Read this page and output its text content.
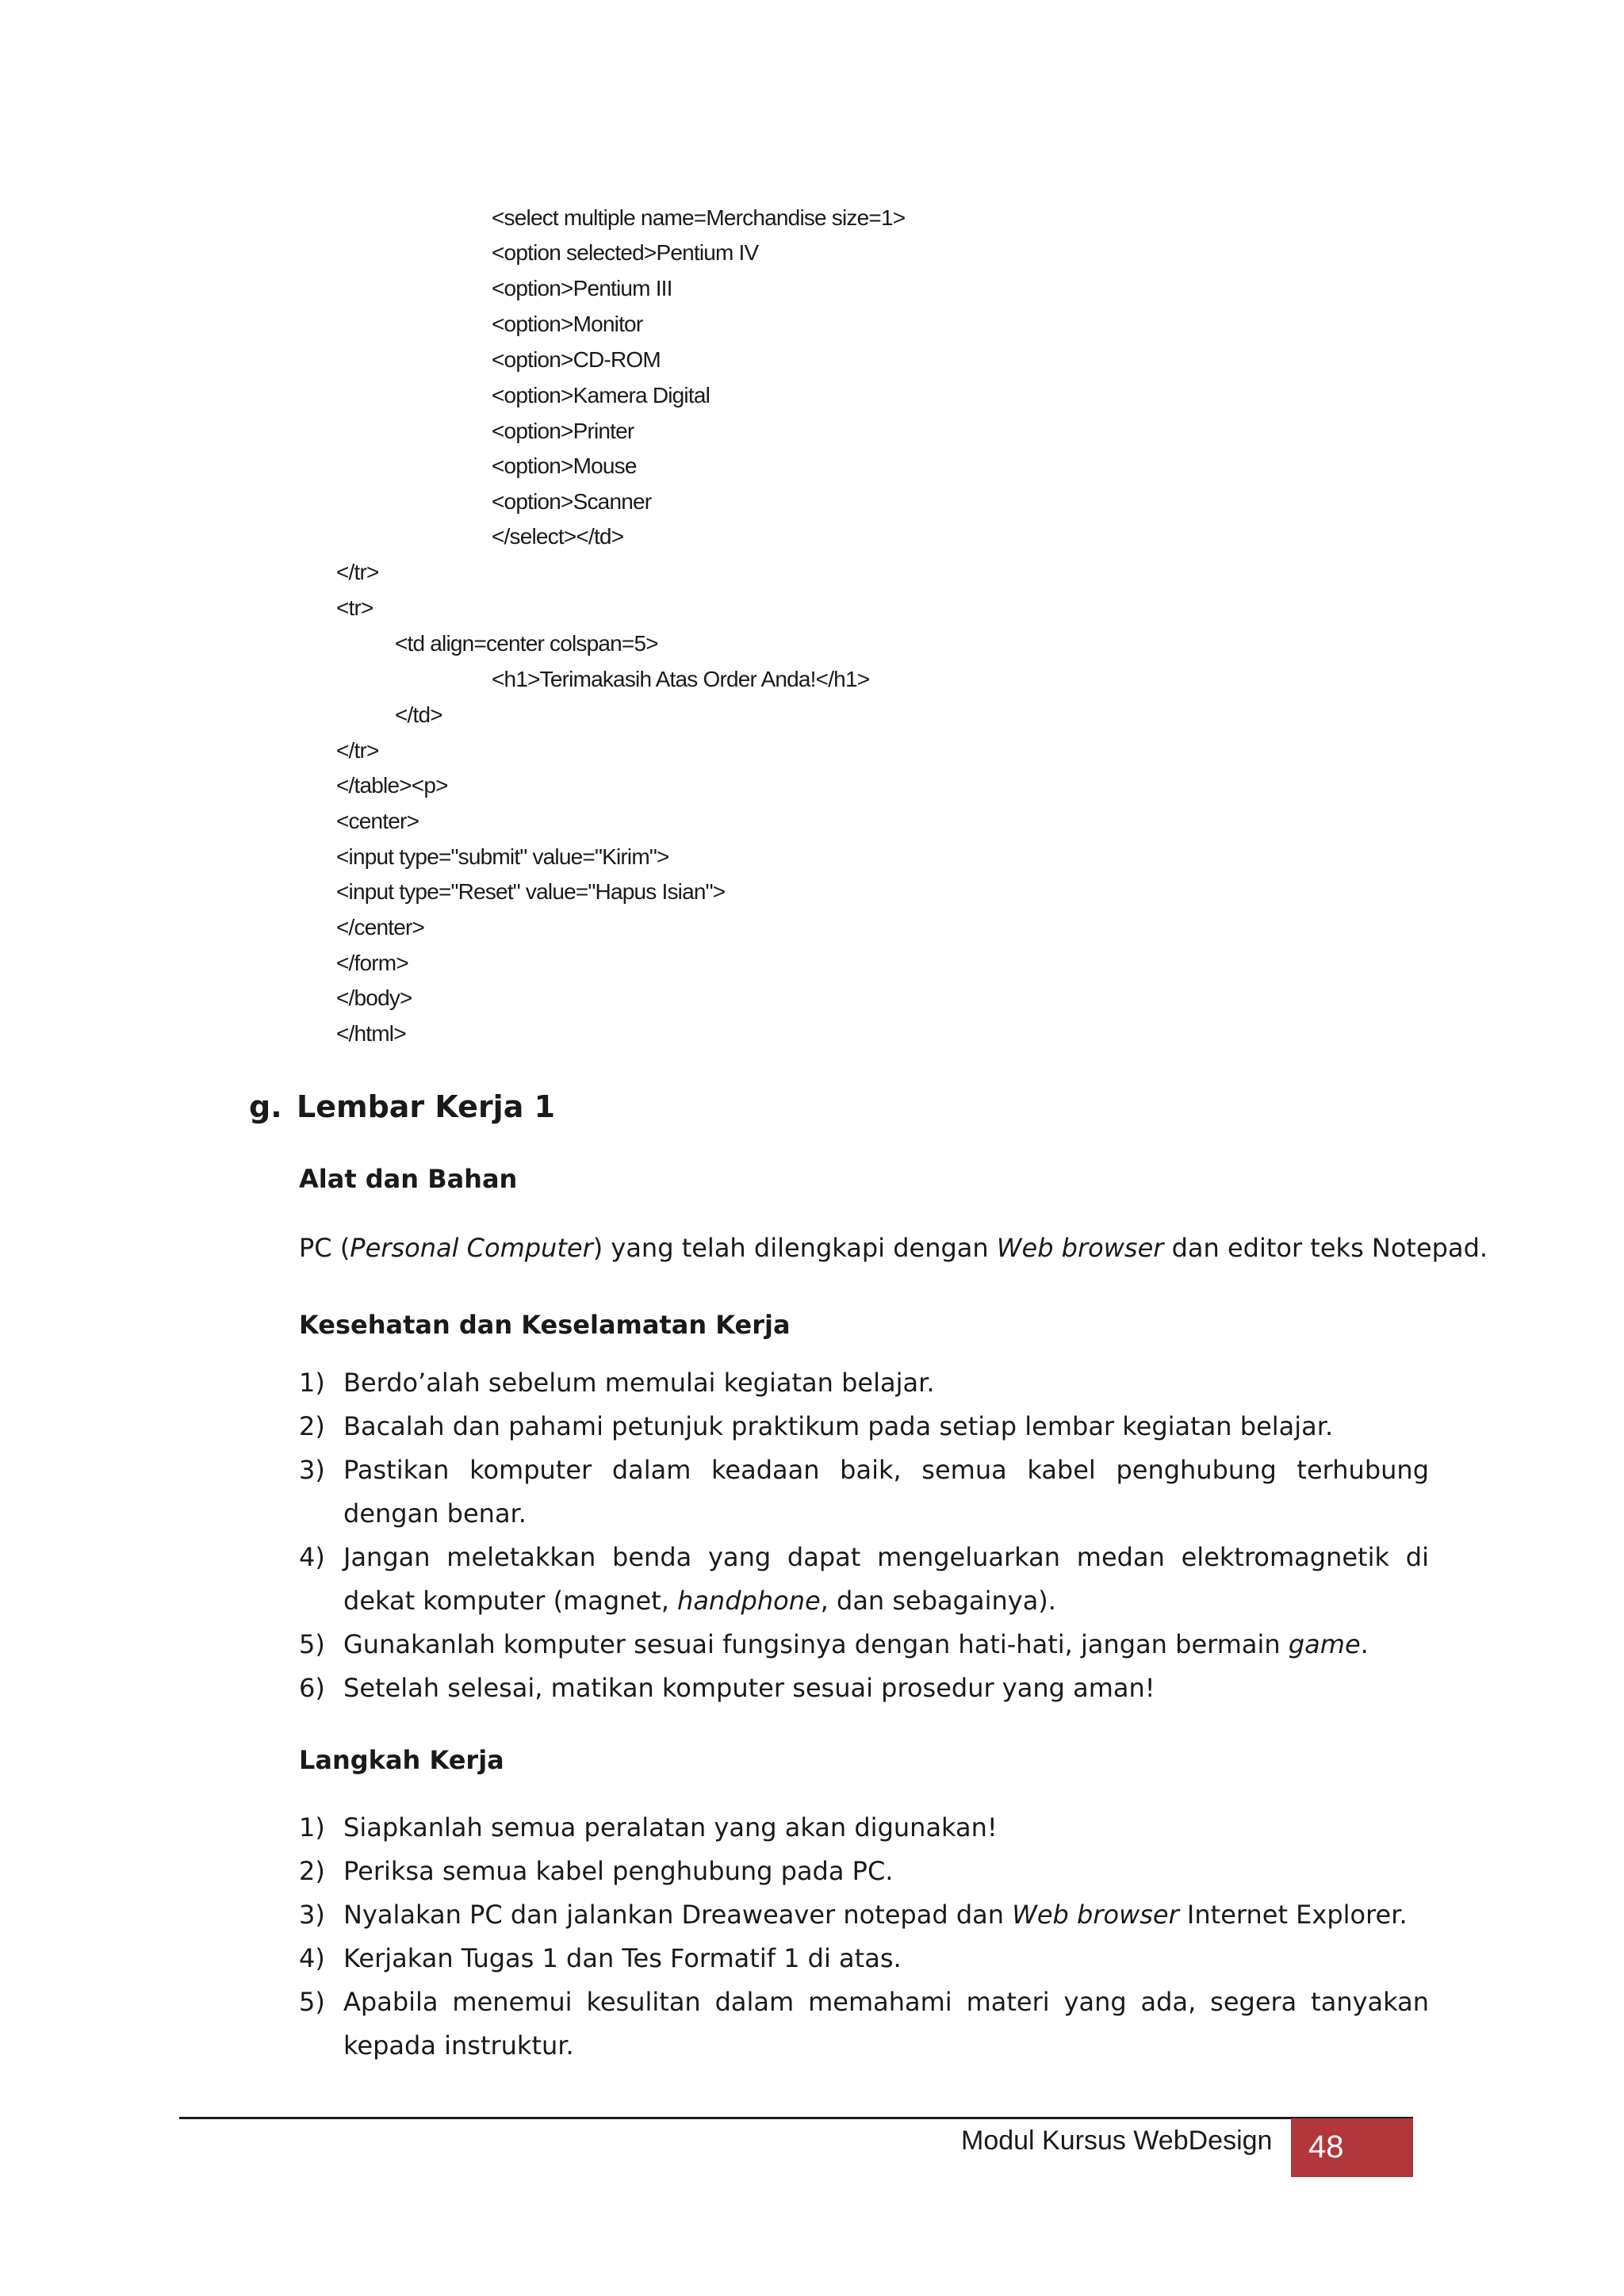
<select multiple name=Merchandise size=1>
<option selected>Pentium IV
<option>Pentium III
<option>Monitor
<option>CD-ROM
<option>Kamera Digital
<option>Printer
<option>Mouse
<option>Scanner
</select></td>
</tr>
<tr>
<td align=center colspan=5>
<h1>Terimakasih Atas Order Anda!</h1>
</td>
</tr>
</table><p>
<center>
<input type="submit" value="Kirim">
<input type="Reset" value="Hapus Isian">
</center>
</form>
</body>
</html>
g. Lembar Kerja 1
Alat dan Bahan
PC (Personal Computer) yang telah dilengkapi dengan Web browser dan editor teks Notepad.
Kesehatan dan Keselamatan Kerja
1) Berdo’alah sebelum memulai kegiatan belajar.
2) Bacalah dan pahami petunjuk praktikum pada setiap lembar kegiatan belajar.
3) Pastikan komputer dalam keadaan baik, semua kabel penghubung terhubung dengan benar.
4) Jangan meletakkan benda yang dapat mengeluarkan medan elektromagnetik di dekat komputer (magnet, handphone, dan sebagainya).
5) Gunakanlah komputer sesuai fungsinya dengan hati-hati, jangan bermain game.
6) Setelah selesai, matikan komputer sesuai prosedur yang aman!
Langkah Kerja
1) Siapkanlah semua peralatan yang akan digunakan!
2) Periksa semua kabel penghubung pada PC.
3) Nyalakan PC dan jalankan Dreaweaver notepad dan Web browser Internet Explorer.
4) Kerjakan Tugas 1 dan Tes Formatif 1 di atas.
5) Apabila menemui kesulitan dalam memahami materi yang ada, segera tanyakan kepada instruktur.
Modul Kursus WebDesign 48
